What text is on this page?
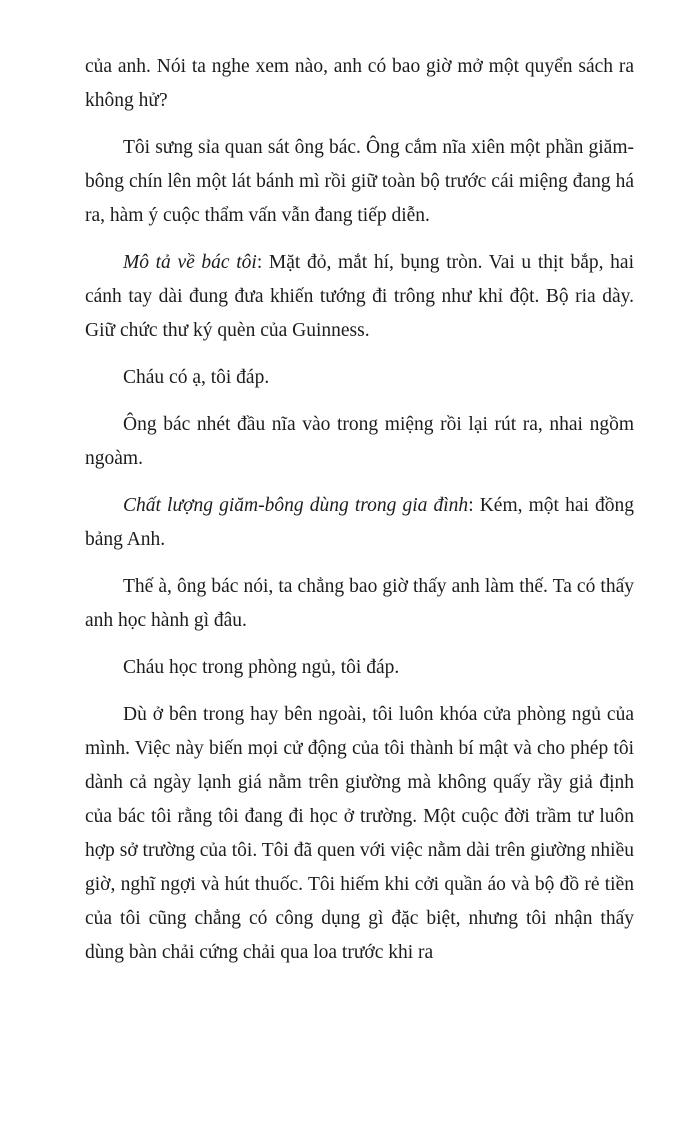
của anh. Nói ta nghe xem nào, anh có bao giờ mở một quyển sách ra không hử?

Tôi sưng sỉa quan sát ông bác. Ông cắm nĩa xiên một phần giăm-bông chín lên một lát bánh mì rồi giữ toàn bộ trước cái miệng đang há ra, hàm ý cuộc thẩm vấn vẫn đang tiếp diễn.

Mô tả về bác tôi: Mặt đỏ, mắt hí, bụng tròn. Vai u thịt bắp, hai cánh tay dài đung đưa khiến tướng đi trông như khỉ đột. Bộ ria dày. Giữ chức thư ký quèn của Guinness.

Cháu có ạ, tôi đáp.

Ông bác nhét đầu nĩa vào trong miệng rồi lại rút ra, nhai ngồm ngoàm.

Chất lượng giăm-bông dùng trong gia đình: Kém, một hai đồng bảng Anh.

Thế à, ông bác nói, ta chẳng bao giờ thấy anh làm thế. Ta có thấy anh học hành gì đâu.

Cháu học trong phòng ngủ, tôi đáp.

Dù ở bên trong hay bên ngoài, tôi luôn khóa cửa phòng ngủ của mình. Việc này biến mọi cử động của tôi thành bí mật và cho phép tôi dành cả ngày lạnh giá nằm trên giường mà không quấy rầy giả định của bác tôi rằng tôi đang đi học ở trường. Một cuộc đời trầm tư luôn hợp sở trường của tôi. Tôi đã quen với việc nằm dài trên giường nhiều giờ, nghĩ ngợi và hút thuốc. Tôi hiếm khi cởi quần áo và bộ đồ rẻ tiền của tôi cũng chẳng có công dụng gì đặc biệt, nhưng tôi nhận thấy dùng bàn chải cứng chải qua loa trước khi ra
